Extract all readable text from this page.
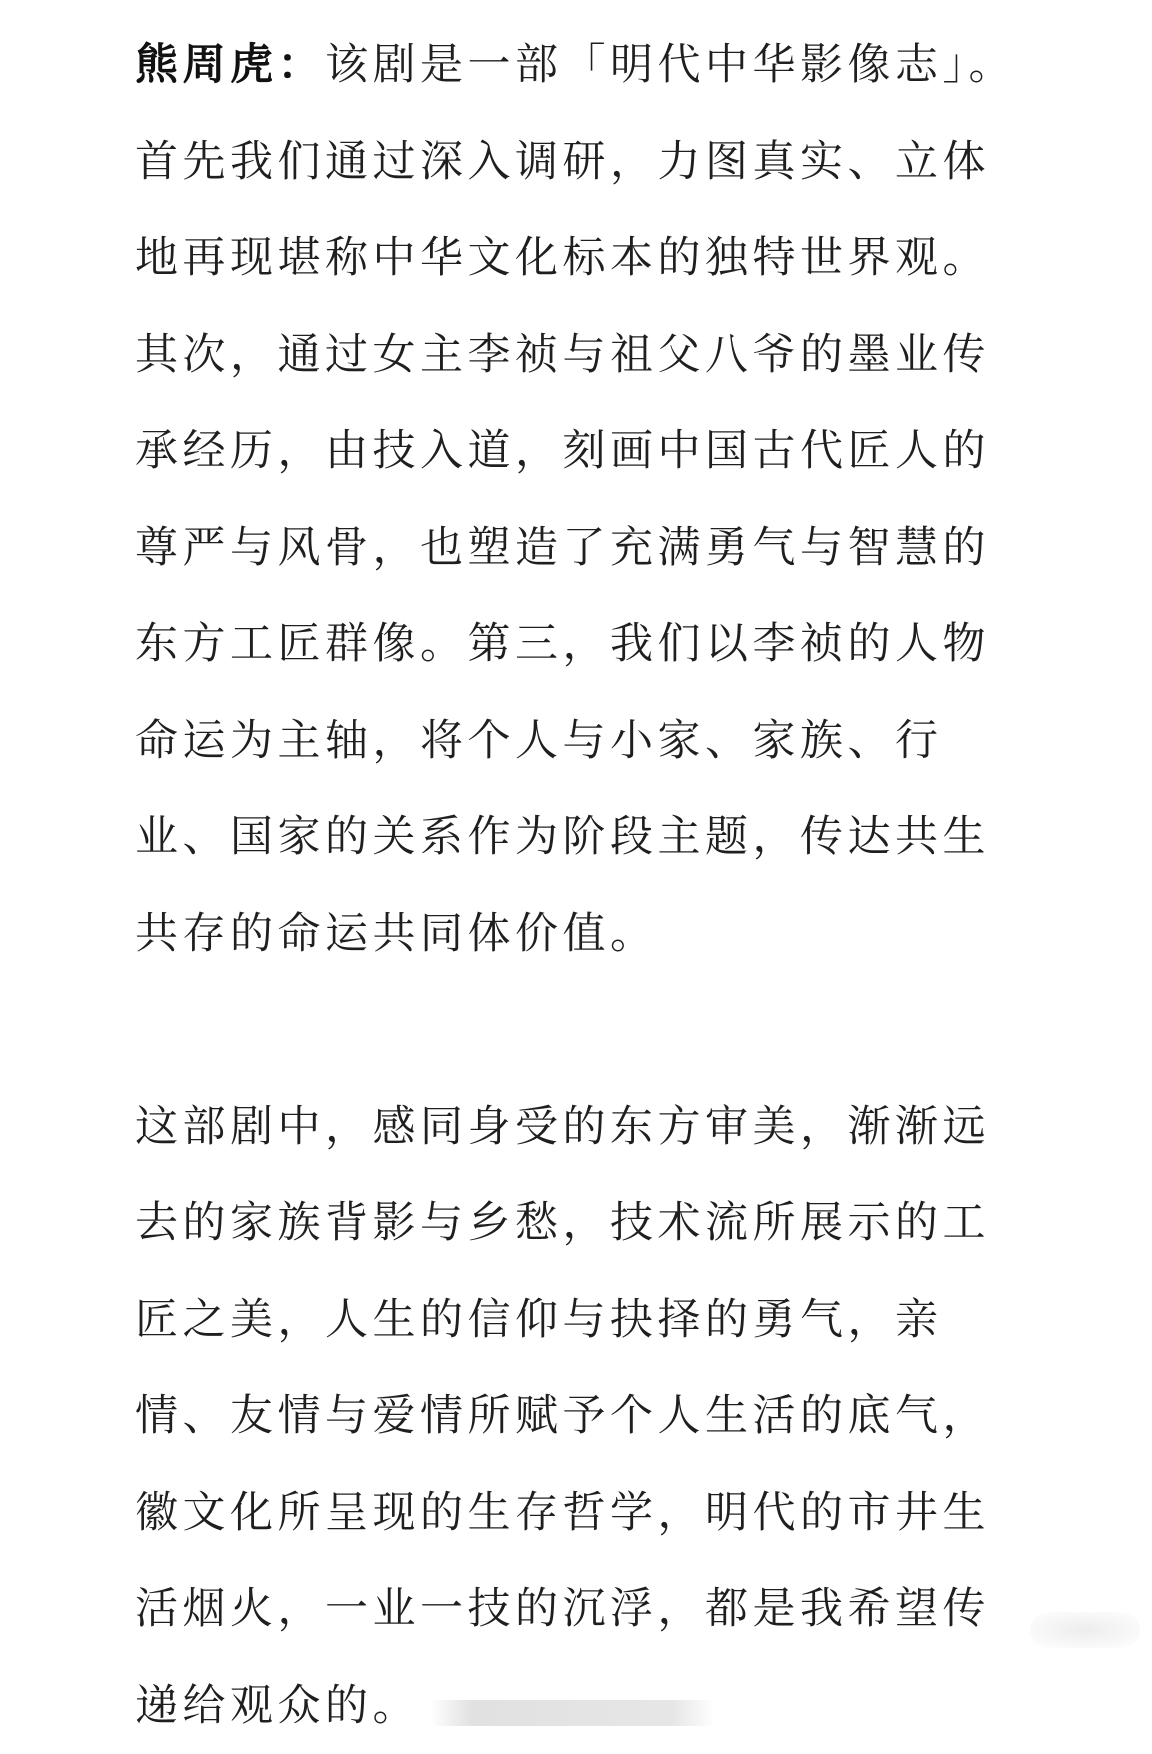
熊周虎：该剧是一部「明代中华影像志」。首先我们通过深入调研，力图真实、立体地再现堪称中华文化标本的独特世界观。其次，通过女主李祯与祖父八爷的墨业传承经历，由技入道，刻画中国古代匠人的尊严与风骨，也塑造了充满勇气与智慧的东方工匠群像。第三，我们以李祯的人物命运为主轴，将个人与小家、家族、行业、国家的关系作为阶段主题，传达共生共存的命运共同体价值。

这部剧中，感同身受的东方审美，渐渐远去的家族背影与乡愁，技术流所展示的工匠之美，人生的信仰与抉择的勇气，亲情、友情与爱情所赋予个人生活的底气，徽文化所呈现的生存哲学，明代的市井生活烟火，一业一技的沉浮，都是我希望传递给观众的。
